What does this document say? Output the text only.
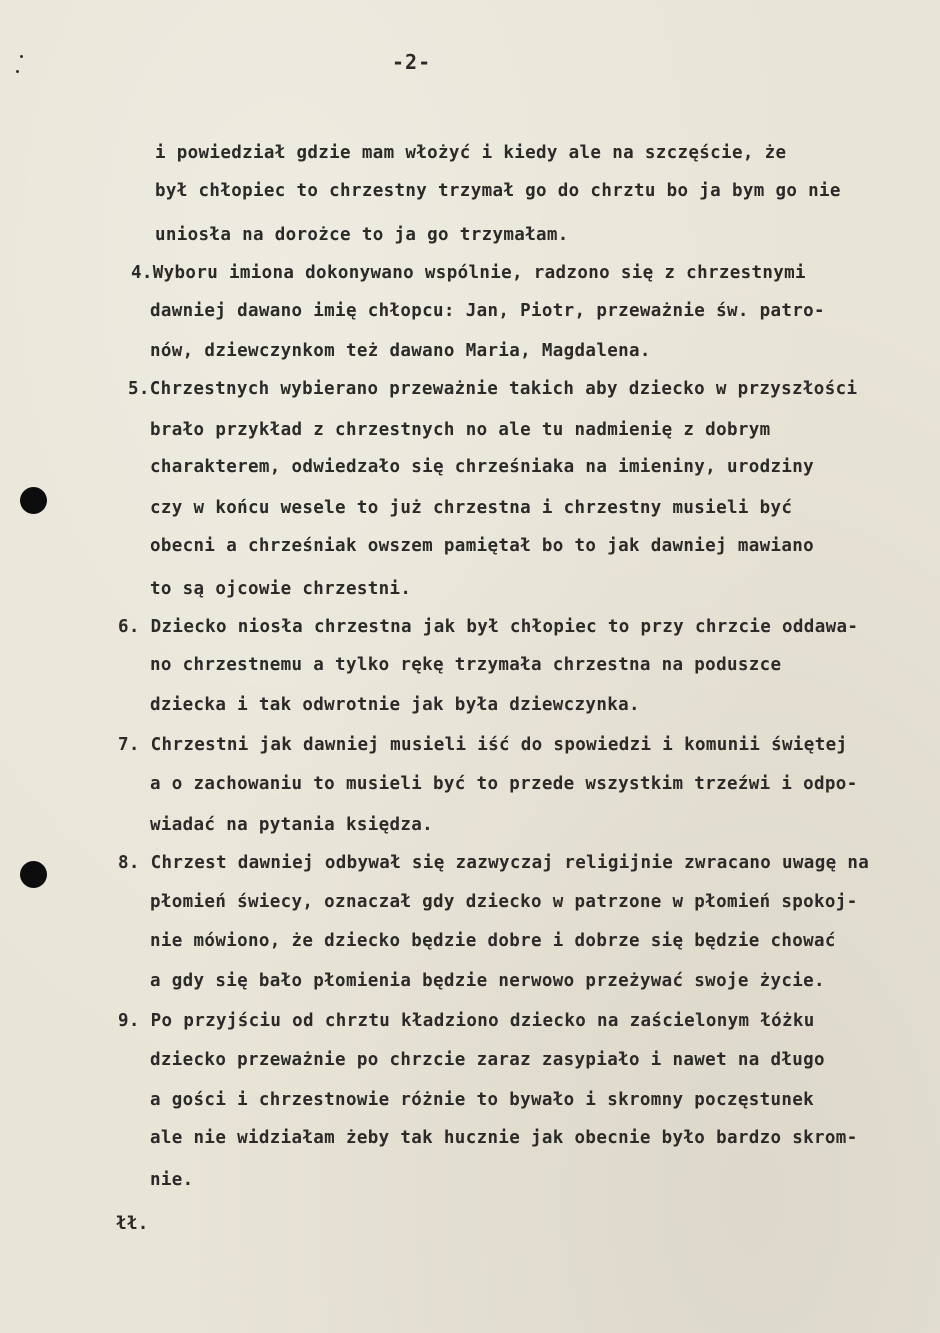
-2-
i powiedział gdzie mam włożyć i kiedy ale na szczęście, że
był chłopiec to chrzestny trzymał go do chrztu bo ja bym go nie
uniosła na dorożce to ja go trzymałam.
4.Wyboru imiona dokonywano wspólnie, radzono się z chrzestnymi
dawniej dawano imię chłopcu: Jan, Piotr, przeważnie św. patro-
nów, dziewczynkom też dawano Maria, Magdalena.
5.Chrzestnych wybierano przeważnie takich aby dziecko w przyszłości
brało przykład z chrzestnych no ale tu nadmienię z dobrym
charakterem, odwiedzało się chrześniaka na imieniny, urodziny
czy w końcu wesele to już chrzestna i chrzestny musieli być
obecni a chrześniak owszem pamiętał bo to jak dawniej mawiano
to są ojcowie chrzestni.
6. Dziecko niosła chrzestna jak był chłopiec to przy chrzcie oddawa-
no chrzestnemu a tylko rękę trzymała chrzestna na poduszce
dziecka i tak odwrotnie jak była dziewczynka.
7. Chrzestni jak dawniej musieli iść do spowiedzi i komunii świętej
a o zachowaniu to musieli być to przede wszystkim trzeźwi i odpo-
wiadać na pytania księdza.
8. Chrzest dawniej odbywał się zazwyczaj religijnie zwracano uwagę na
płomień świecy, oznaczał gdy dziecko w patrzone w płomień spokoj-
nie mówiono, że dziecko będzie dobre i dobrze się będzie chować
a gdy się bało płomienia będzie nerwowo przeżywać swoje życie.
9. Po przyjściu od chrztu kładziono dziecko na zaścielonym łóżku
dziecko przeważnie po chrzcie zaraz zasypiało i nawet na długo
a gości i chrzestnowie różnie to bywało i skromny poczęstunek
ale nie widziałam żeby tak hucznie jak obecnie było bardzo skrom-
nie.
łł.
